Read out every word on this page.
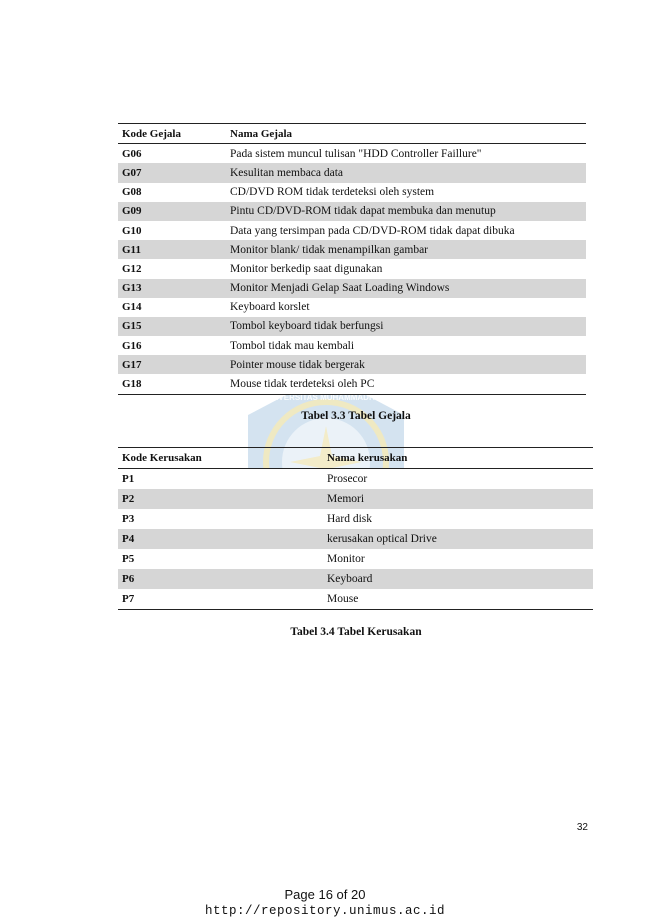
UNIVERSITAS MUHAMMADIYAH
SEMARANG
Kode Gejala	Nama Gejala
G06	Pada sistem muncul tulisan "HDD Controller Faillure"
G07	Kesulitan membaca data
G08	CD/DVD ROM tidak terdeteksi oleh system
G09	Pintu CD/DVD-ROM tidak dapat membuka dan menutup
G10	Data yang tersimpan pada CD/DVD-ROM tidak dapat dibuka
G11	Monitor blank/ tidak menampilkan gambar
G12	Monitor berkedip saat digunakan
G13	Monitor Menjadi Gelap Saat Loading Windows
G14	Keyboard korslet
G15	Tombol keyboard tidak berfungsi
G16	Tombol tidak mau kembali
G17	Pointer mouse tidak bergerak
G18	Mouse tidak terdeteksi oleh PC
Tabel 3.3 Tabel Gejala
Kode Kerusakan	Nama kerusakan
P1	Prosecor
P2	Memori
P3	Hard disk
P4	kerusakan optical Drive
P5	Monitor
P6	Keyboard
P7	Mouse
Tabel 3.4 Tabel Kerusakan
32
Page 16 of 20
http://repository.unimus.ac.id
